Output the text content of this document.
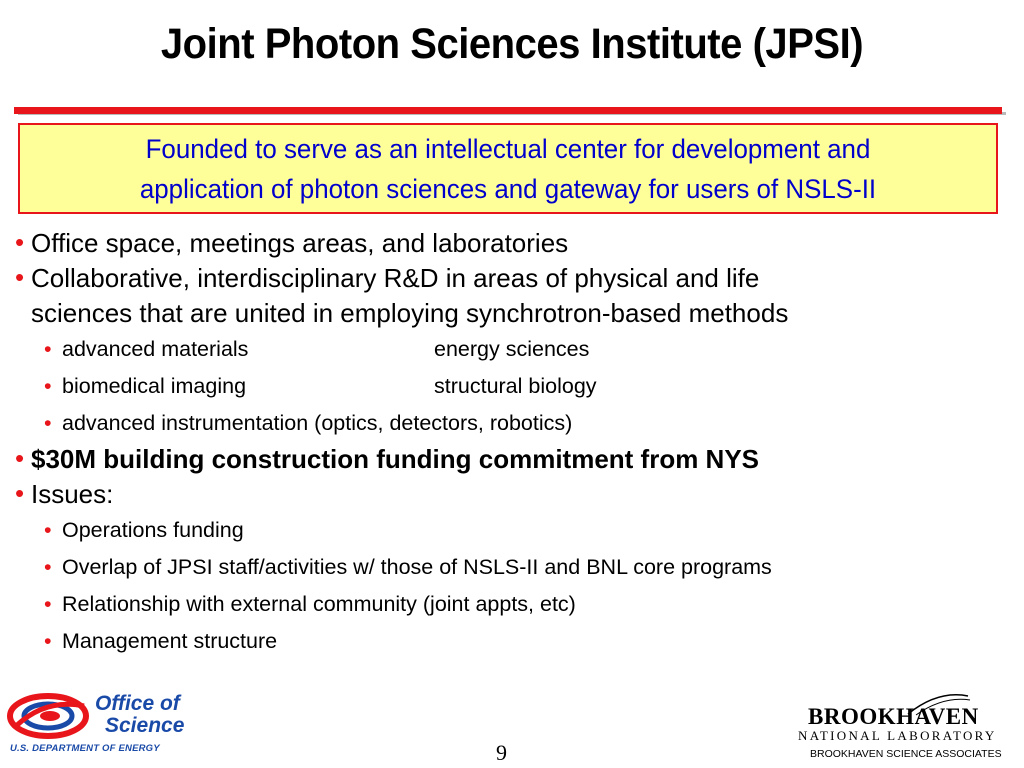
Joint Photon Sciences Institute (JPSI)
Founded to serve as an intellectual center for development and
application of photon sciences and gateway for users of NSLS-II
• Office space, meetings areas, and laboratories
• Collaborative, interdisciplinary R&D in areas of physical and life
sciences that are united in employing synchrotron-based methods
• advanced materials	energy sciences
• biomedical imaging	structural biology
• advanced instrumentation (optics, detectors, robotics)
• $30M building construction funding commitment from NYS
• Issues:
• Operations funding
• Overlap of JPSI staff/activities w/ those of NSLS-II and BNL core programs
• Relationship with external community (joint appts, etc)
• Management structure
Office of
Science
U.S. DEPARTMENT OF ENERGY	9
BROOKHAVEN
NATIONAL LABORATORY
BROOKHAVEN SCIENCE ASSOCIATES
